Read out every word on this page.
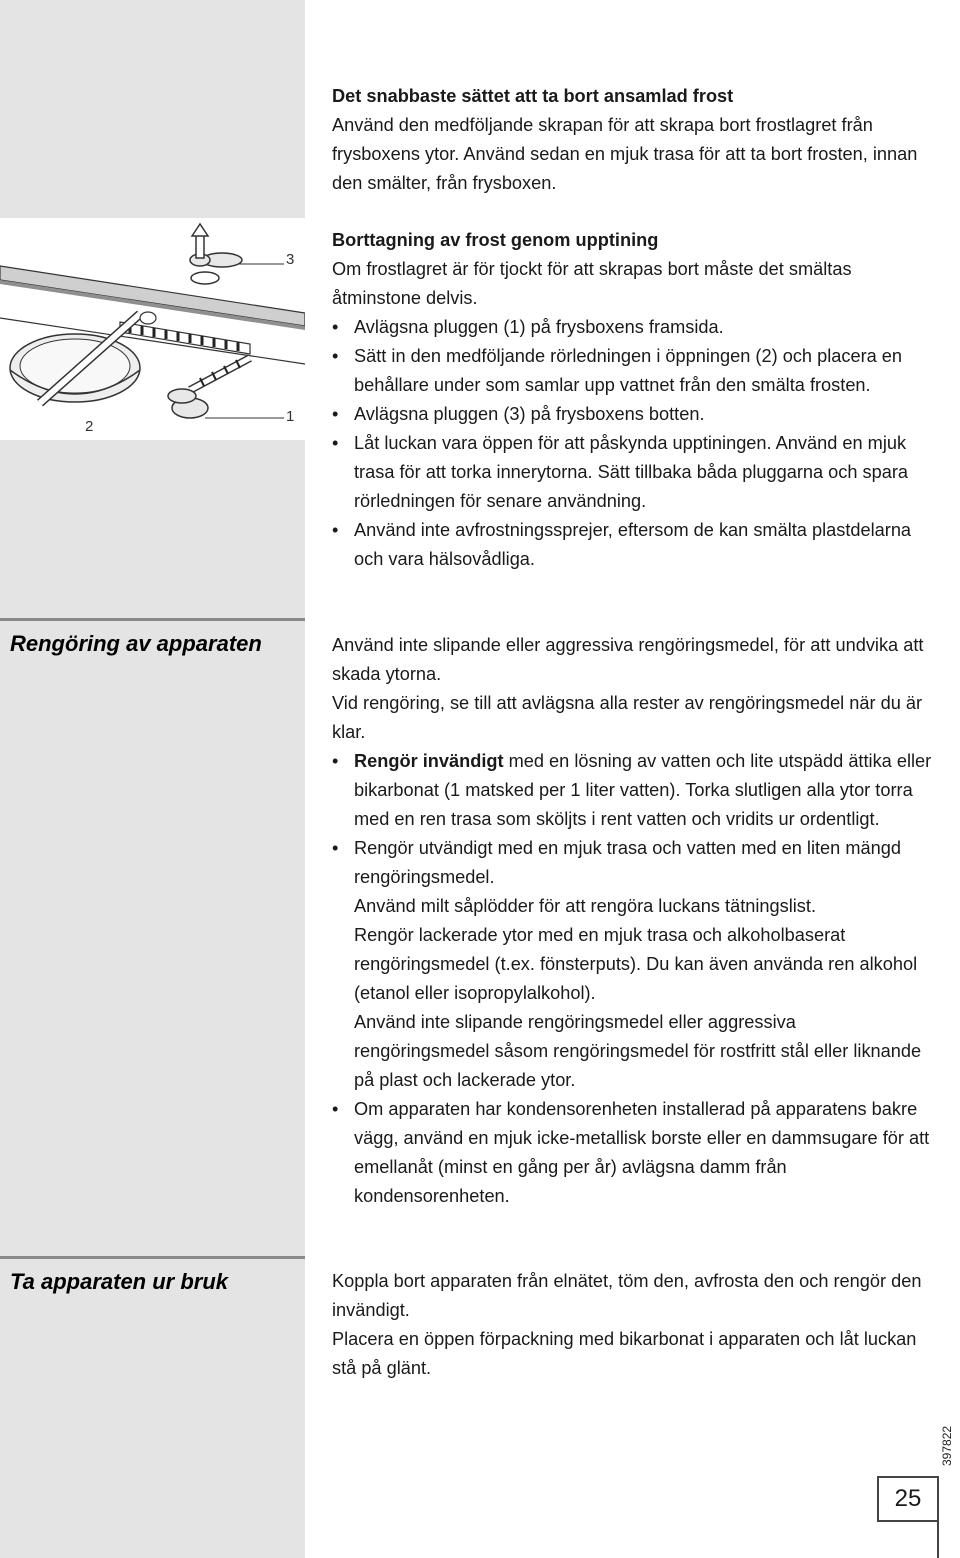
3
1
2

Det snabbaste sättet att ta bort ansamlad frost

Använd den medföljande skrapan för att skrapa bort frostlagret från frysboxens ytor. Använd sedan en mjuk trasa för att ta bort frosten, innan den smälter, från frysboxen.

Borttagning av frost genom upptining

Om frostlagret är för tjockt för att skrapas bort måste det smältas åtminstone delvis.

• Avlägsna pluggen (1) på frysboxens framsida.
• Sätt in den medföljande rörledningen i öppningen (2) och placera en behållare under som samlar upp vattnet från den smälta frosten.
• Avlägsna pluggen (3) på frysboxens botten.
• Låt luckan vara öppen för att påskynda upptiningen. Använd en mjuk trasa för att torka innerytorna. Sätt tillbaka båda pluggarna och spara rörledningen för senare användning.
• Använd inte avfrostningssprejer, eftersom de kan smälta plastdelarna och vara hälsovådliga.
Rengöring av apparaten	Använd inte slipande eller aggressiva rengöringsmedel, för att undvika att skada ytorna.

Vid rengöring, se till att avlägsna alla rester av rengöringsmedel när du är klar.

• Rengör invändigt med en lösning av vatten och lite utspädd ättika eller bikarbonat (1 matsked per 1 liter vatten). Torka slutligen alla ytor torra med en ren trasa som sköljts i rent vatten och vridits ur ordentligt.

• Rengör utvändigt med en mjuk trasa och vatten med en liten mängd rengöringsmedel.

Använd milt såplödder för att rengöra luckans tätningslist.

Rengör lackerade ytor med en mjuk trasa och alkoholbaserat rengöringsmedel (t.ex. fönsterputs). Du kan även använda ren alkohol (etanol eller isopropylalkohol).

Använd inte slipande rengöringsmedel eller aggressiva rengöringsmedel såsom rengöringsmedel för rostfritt stål eller liknande på plast och lackerade ytor.

• Om apparaten har kondensorenheten installerad på apparatens bakre vägg, använd en mjuk icke-metallisk borste eller en dammsugare för att emellanåt (minst en gång per år) avlägsna damm från kondensorenheten.
Ta apparaten ur bruk	Koppla bort apparaten från elnätet, töm den, avfrosta den och rengör den invändigt.

Placera en öppen förpackning med bikarbonat i apparaten och låt luckan stå på glänt.

397822
25
